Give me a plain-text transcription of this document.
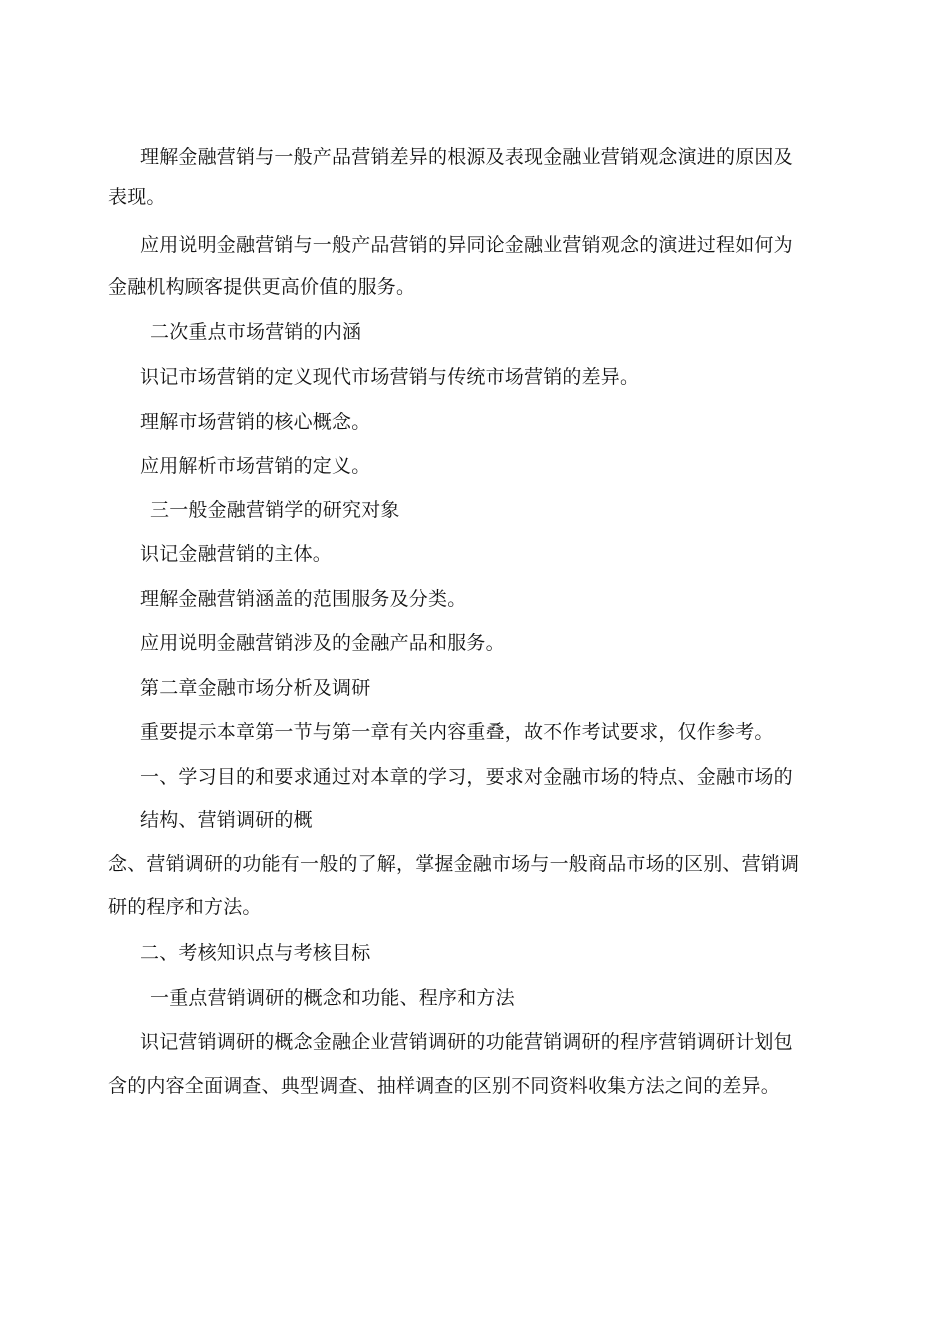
理解金融营销与一般产品营销差异的根源及表现金融业营销观念演进的原因及
表现。
应用说明金融营销与一般产品营销的异同论金融业营销观念的演进过程如何为
金融机构顾客提供更高价值的服务。
二次重点市场营销的内涵
识记市场营销的定义现代市场营销与传统市场营销的差异。
理解市场营销的核心概念。
应用解析市场营销的定义。
三一般金融营销学的研究对象
识记金融营销的主体。
理解金融营销涵盖的范围服务及分类。
应用说明金融营销涉及的金融产品和服务。
第二章金融市场分析及调研
重要提示本章第一节与第一章有关内容重叠，故不作考试要求，仅作参考。
一、学习目的和要求通过对本章的学习，要求对金融市场的特点、金融市场的
结构、营销调研的概
念、营销调研的功能有一般的了解，掌握金融市场与一般商品市场的区别、营销调
研的程序和方法。
二、考核知识点与考核目标
一重点营销调研的概念和功能、程序和方法
识记营销调研的概念金融企业营销调研的功能营销调研的程序营销调研计划包
含的内容全面调查、典型调查、抽样调查的区别不同资料收集方法之间的差异。
